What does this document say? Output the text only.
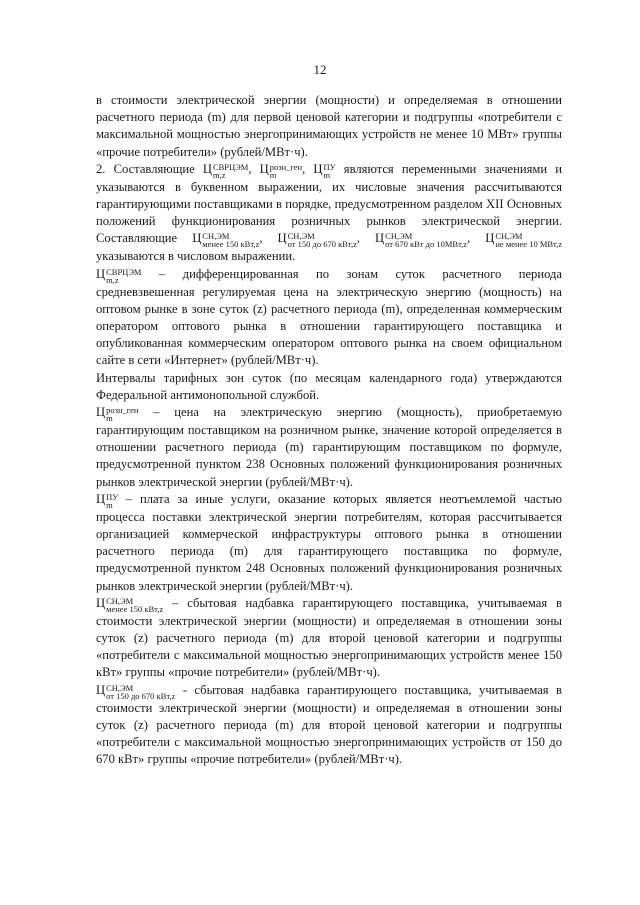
12

в стоимости электрической энергии (мощности) и определяемая в отношении расчетного периода (m) для первой ценовой категории и подгруппы «потребители с максимальной мощностью энергопринимающих устройств не менее 10 МВт» группы «прочие потребители» (рублей/МВт·ч).

2. Составляющие Ц СВРЦЭМ
m,z	, Ц розн_ген
m	, Ц ПУ
m являются переменными значениями и указываются в буквенном выражении, их числовые значения рассчитываются гарантирующими поставщиками в порядке, предусмотренном разделом XII Основных положений функционирования розничных рынков электрической энергии. Составляющие Ц СН,ЭМ
менее 150 кВт,z , Ц СН,ЭМ
от 150 до 670 кВт,z , Ц СН,ЭМ
от 670 кВт до 10МВт,z , Ц СН,ЭМ
не менее 10 МВт,z
указываются в числовом выражении.

Ц СВРЦЭМ
m,z	– дифференцированная по зонам суток расчетного периода средневзвешенная регулируемая цена на электрическую энергию (мощность) на оптовом рынке в зоне суток (z) расчетного периода (m), определенная коммерческим оператором оптового рынка в отношении гарантирующего поставщика и опубликованная коммерческим оператором оптового рынка на своем официальном сайте в сети «Интернет» (рублей/МВт·ч).

Интервалы тарифных зон суток (по месяцам календарного года) утверждаются Федеральной антимонопольной службой.

Ц розн_ген
m	– цена на электрическую энергию (мощность), приобретаемую гарантирующим поставщиком на розничном рынке, значение которой определяется в отношении расчетного периода (m) гарантирующим поставщиком по формуле, предусмотренной пунктом 238 Основных положений функционирования розничных рынков электрической энергии (рублей/МВт·ч).

Ц ПУ
m – плата за иные услуги, оказание которых является неотъемлемой частью процесса поставки электрической энергии потребителям, которая рассчитывается организацией коммерческой инфраструктуры оптового рынка в отношении расчетного периода (m) для гарантирующего поставщика по формуле, предусмотренной пунктом 248 Основных положений функционирования розничных рынков электрической энергии (рублей/МВт·ч).

Ц СН,ЭМ
менее 150 кВт,z – сбытовая надбавка гарантирующего поставщика, учитываемая в стоимости электрической энергии (мощности) и определяемая в отношении зоны суток (z) расчетного периода (m) для второй ценовой категории и подгруппы «потребители с максимальной мощностью энергопринимающих устройств менее 150 кВт» группы «прочие потребители» (рублей/МВт·ч).

Ц СН,ЭМ
от 150 до 670 кВт,z - сбытовая надбавка гарантирующего поставщика, учитываемая в стоимости электрической энергии (мощности) и определяемая в отношении зоны суток (z) расчетного периода (m) для второй ценовой категории и подгруппы «потребители с максимальной мощностью энергопринимающих устройств от 150 до 670 кВт» группы «прочие потребители» (рублей/МВт·ч).
